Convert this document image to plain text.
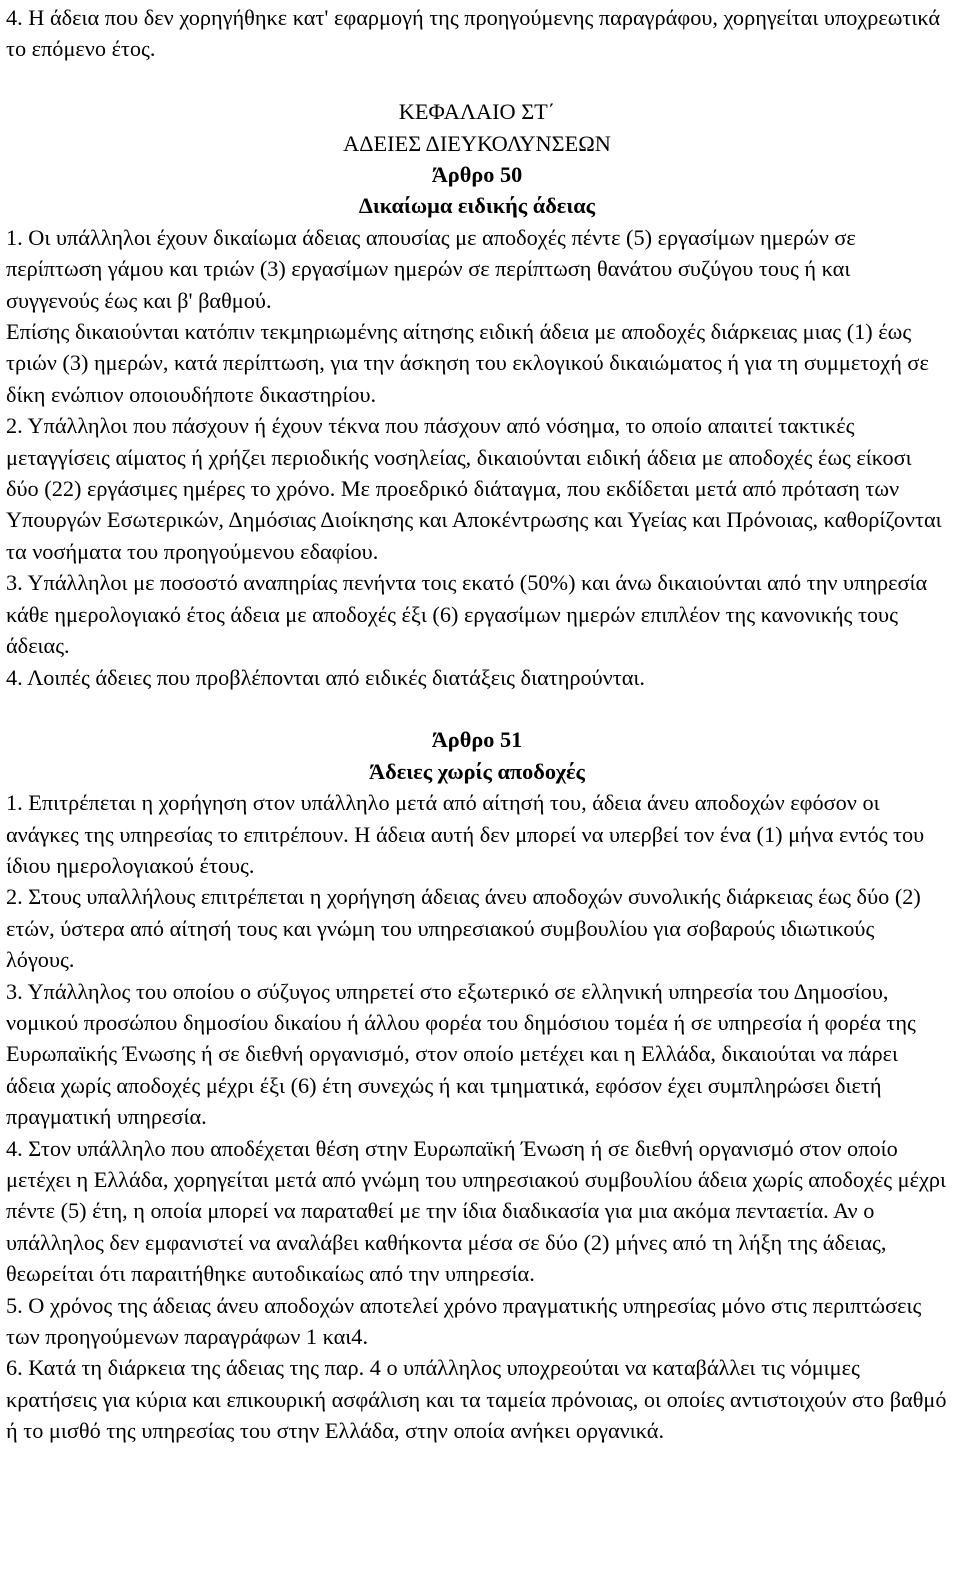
4. Η άδεια που δεν χορηγήθηκε κατ' εφαρμογή της προηγούμενης παραγράφου, χορηγείται υποχρεωτικά το επόμενο έτος.

ΚΕΦΑΛΑΙΟ ΣΤ΄

ΑΔΕΙΕΣ ΔΙΕΥΚΟΛΥΝΣΕΩΝ

Άρθρο 50

Δικαίωμα ειδικής άδειας

1. Οι υπάλληλοι έχουν δικαίωμα άδειας απουσίας με αποδοχές πέντε (5) εργασίμων ημερών σε περίπτωση γάμου και τριών (3) εργασίμων ημερών σε περίπτωση θανάτου συζύγου τους ή και συγγενούς έως και β' βαθμού.

Επίσης δικαιούνται κατόπιν τεκμηριωμένης αίτησης ειδική άδεια με αποδοχές διάρκειας μιας (1) έως τριών (3) ημερών, κατά περίπτωση, για την άσκηση του εκλογικού δικαιώματος ή για τη συμμετοχή σε δίκη ενώπιον οποιουδήποτε δικαστηρίου.

2. Υπάλληλοι που πάσχουν ή έχουν τέκνα που πάσχουν από νόσημα, το οποίο απαιτεί τακτικές μεταγγίσεις αίματος ή χρήζει περιοδικής νοσηλείας, δικαιούνται ειδική άδεια με αποδοχές έως είκοσι δύο (22) εργάσιμες ημέρες το χρόνο. Με προεδρικό διάταγμα, που εκδίδεται μετά από πρόταση των Υπουργών Εσωτερικών, Δημόσιας Διοίκησης και Αποκέντρωσης και Υγείας και Πρόνοιας, καθορίζονται τα νοσήματα του προηγούμενου εδαφίου.

3. Υπάλληλοι με ποσοστό αναπηρίας πενήντα τοις εκατό (50%) και άνω δικαιούνται από την υπηρεσία κάθε ημερολογιακό έτος άδεια με αποδοχές έξι (6) εργασίμων ημερών επιπλέον της κανονικής τους άδειας.

4. Λοιπές άδειες που προβλέπονται από ειδικές διατάξεις διατηρούνται.

Άρθρο 51

Άδειες χωρίς αποδοχές

1. Επιτρέπεται η χορήγηση στον υπάλληλο μετά από αίτησή του, άδεια άνευ αποδοχών εφόσον οι ανάγκες της υπηρεσίας το επιτρέπουν. Η άδεια αυτή δεν μπορεί να υπερβεί τον ένα (1) μήνα εντός του ίδιου ημερολογιακού έτους.

2. Στους υπαλλήλους επιτρέπεται η χορήγηση άδειας άνευ αποδοχών συνολικής διάρκειας έως δύο (2) ετών, ύστερα από αίτησή τους και γνώμη του υπηρεσιακού συμβουλίου για σοβαρούς ιδιωτικούς λόγους.

3. Υπάλληλος του οποίου ο σύζυγος υπηρετεί στο εξωτερικό σε ελληνική υπηρεσία του Δημοσίου, νομικού προσώπου δημοσίου δικαίου ή άλλου φορέα του δημόσιου τομέα ή σε υπηρεσία ή φορέα της Ευρωπαϊκής Ένωσης ή σε διεθνή οργανισμό, στον οποίο μετέχει και η Ελλάδα, δικαιούται να πάρει άδεια χωρίς αποδοχές μέχρι έξι (6) έτη συνεχώς ή και τμηματικά, εφόσον έχει συμπληρώσει διετή πραγματική υπηρεσία.

4. Στον υπάλληλο που αποδέχεται θέση στην Ευρωπαϊκή Ένωση ή σε διεθνή οργανισμό στον οποίο μετέχει η Ελλάδα, χορηγείται μετά από γνώμη του υπηρεσιακού συμβουλίου άδεια χωρίς αποδοχές μέχρι πέντε (5) έτη, η οποία μπορεί να παραταθεί με την ίδια διαδικασία για μια ακόμα πενταετία. Αν ο υπάλληλος δεν εμφανιστεί να αναλάβει καθήκοντα μέσα σε δύο (2) μήνες από τη λήξη της άδειας, θεωρείται ότι παραιτήθηκε αυτοδικαίως από την υπηρεσία.

5. Ο χρόνος της άδειας άνευ αποδοχών αποτελεί χρόνο πραγματικής υπηρεσίας μόνο στις περιπτώσεις των προηγούμενων παραγράφων 1 και4.

6. Κατά τη διάρκεια της άδειας της παρ. 4 ο υπάλληλος υποχρεούται να καταβάλλει τις νόμιμες κρατήσεις για κύρια και επικουρική ασφάλιση και τα ταμεία πρόνοιας, οι οποίες αντιστοιχούν στο βαθμό ή το μισθό της υπηρεσίας του στην Ελλάδα, στην οποία ανήκει οργανικά.
